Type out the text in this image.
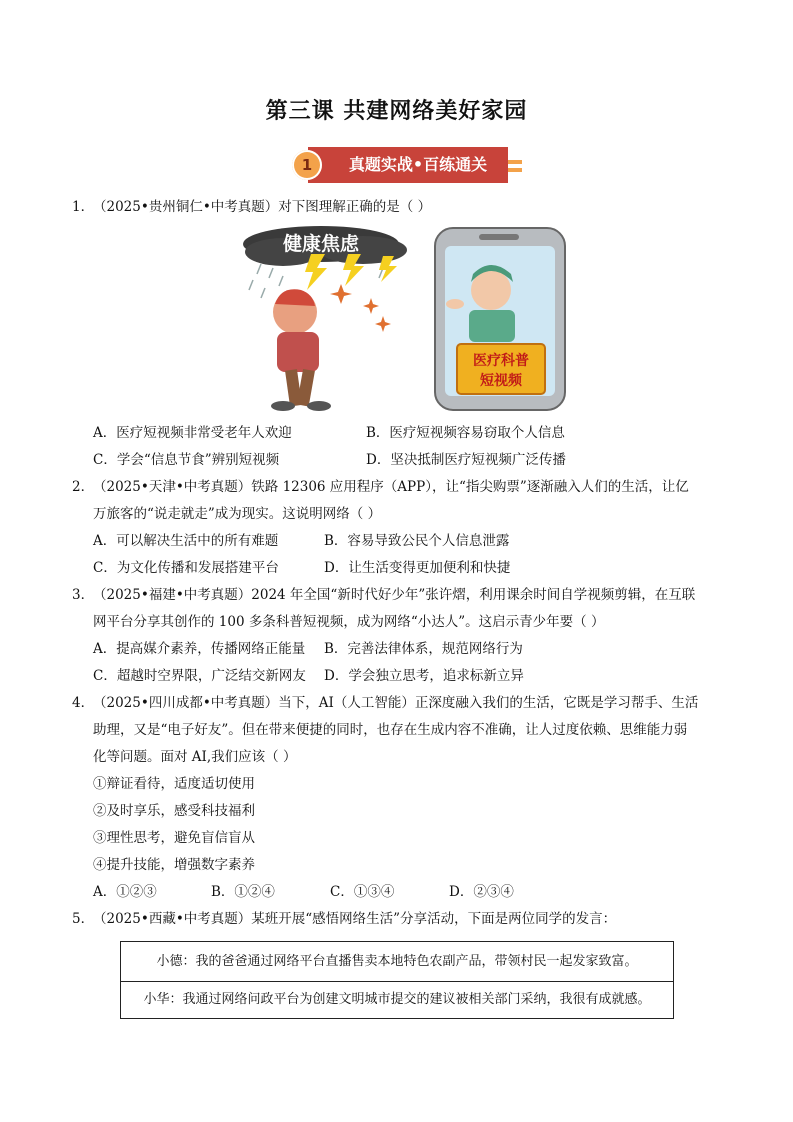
第三课 共建网络美好家园
1	真题实战•百练通关
1．
（2025•贵州铜仁•中考真题）对下图理解正确的是（ ）
健康焦虑
医疗科普
短视频
A．医疗短视频非常受老年人欢迎	B．医疗短视频容易窃取个人信息
C．学会“信息节食”辨别短视频	D．坚决抵制医疗短视频广泛传播
2．
（2025•天津•中考真题）铁路 12306 应用程序（APP），让“指尖购票”逐渐融入人们的生活，让亿
万旅客的“说走就走”成为现实。这说明网络（ ）
A．可以解决生活中的所有难题	B．容易导致公民个人信息泄露
C．为文化传播和发展搭建平台	D．让生活变得更加便利和快捷
3．
（2025•福建•中考真题）2024 年全国“新时代好少年”张许熠，利用课余时间自学视频剪辑，在互联
网平台分享其创作的 100 多条科普短视频，成为网络“小达人”。这启示青少年要（ ）
A．提高媒介素养，传播网络正能量 B．完善法律体系，规范网络行为
C．超越时空界限，广泛结交新网友 D．学会独立思考，追求标新立异
4．
（2025•四川成都•中考真题）当下，AI（人工智能）正深度融入我们的生活，它既是学习帮手、生活
助理，又是“电子好友”。但在带来便捷的同时，也存在生成内容不准确，让人过度依赖、思维能力弱
化等问题。面对 AI,我们应该（ ）
①辩证看待，适度适切使用
②及时享乐，感受科技福利
③理性思考，避免盲信盲从
④提升技能，增强数字素养
A．①②③	B．①②④	C．①③④	D．②③④
5．
（2025•西藏•中考真题）某班开展“感悟网络生活”分享活动，下面是两位同学的发言：
小德：我的爸爸通过网络平台直播售卖本地特色农副产品，带领村民一起发家致富。
小华：我通过网络问政平台为创建文明城市提交的建议被相关部门采纳，我很有成就感。
